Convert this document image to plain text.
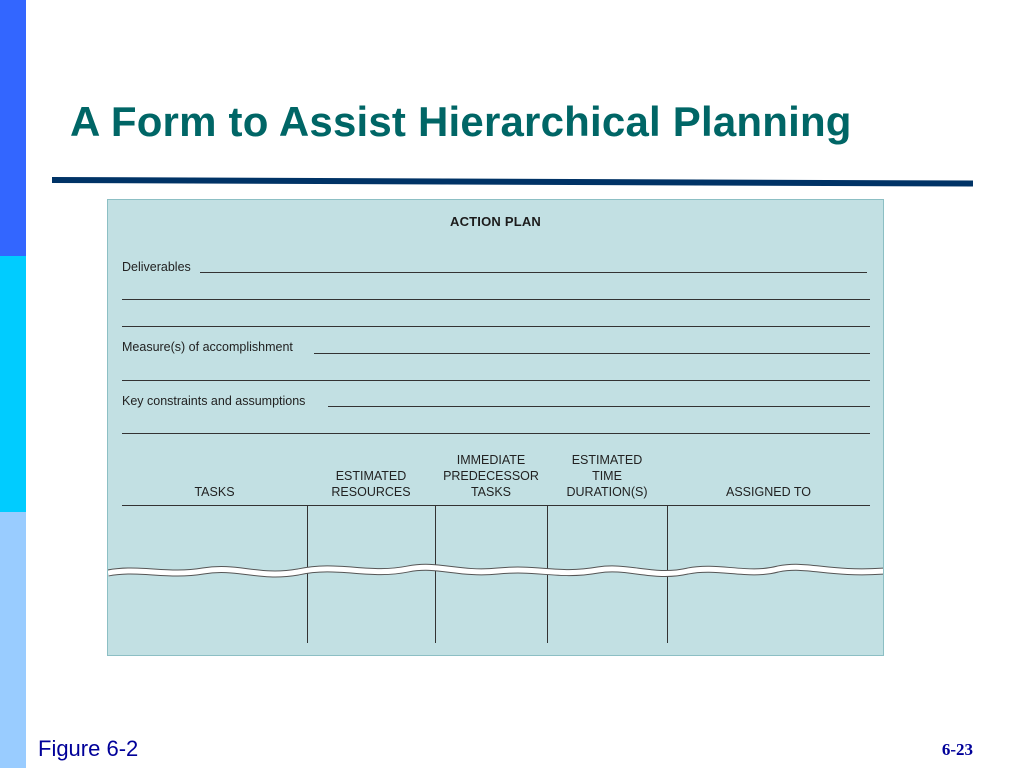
A Form to Assist Hierarchical Planning
ACTION PLAN
Deliverables
Measure(s) of accomplishment
Key constraints and assumptions
TASKS
ESTIMATED
RESOURCES
IMMEDIATE
PREDECESSOR
TASKS
ESTIMATED
TIME
DURATION(S)	ASSIGNED TO
Figure 6-2	6-23
